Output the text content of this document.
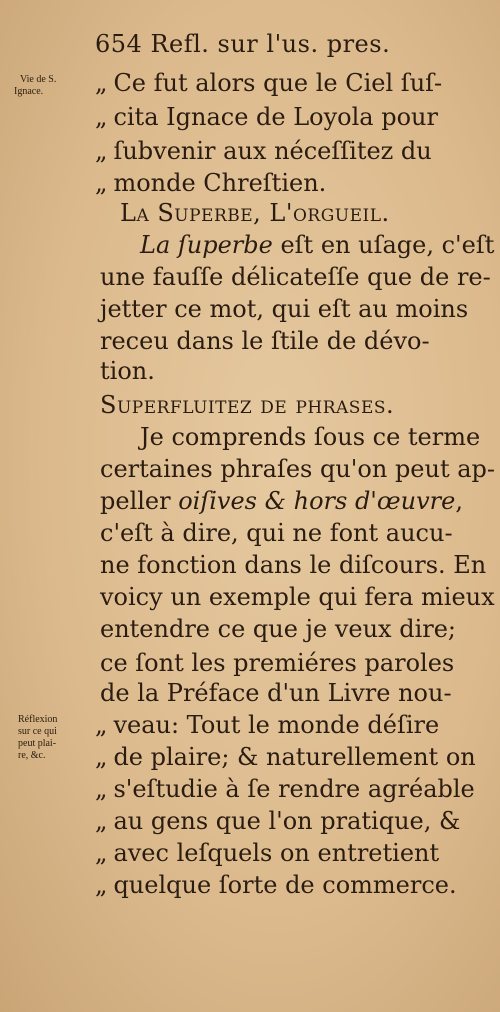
654 Refl. sur l'us. pres.
Vie de S.
Ignace.
Réflexion
sur ce qui
peut plai-
re, &c.
„ Ce fut alors que le Ciel ſuſ-
„ cita Ignace de Loyola pour
„ ſubvenir aux néceſſitez du
„ monde Chreſtien.
La Superbe, L'orgueil.
La ſuperbe eſt en uſage, c'eſt
une fauſſe délicateſſe que de re-
jetter ce mot, qui eſt au moins
receu dans le ſtile de dévo-
tion.
Superfluitez de phrases.
Je comprends ſous ce terme
certaines phraſes qu'on peut ap-
peller oiſives & hors d'œuvre,
c'eſt à dire, qui ne font aucu-
ne fonction dans le diſcours. En
voicy un exemple qui fera mieux
entendre ce que je veux dire;
ce ſont les premiéres paroles
de la Préface d'un Livre nou-
„ veau: Tout le monde déſire
„ de plaire; & naturellement on
„ s'eſtudie à ſe rendre agréable
„ au gens que l'on pratique, &
„ avec leſquels on entretient
„ quelque ſorte de commerce.
